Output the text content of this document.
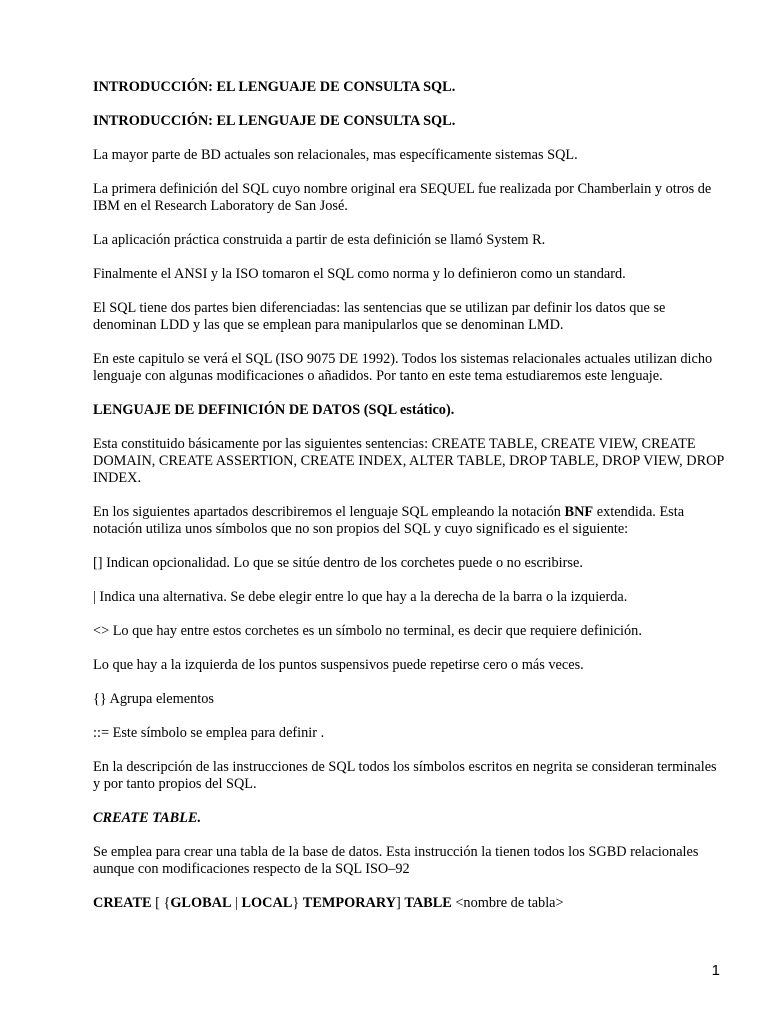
INTRODUCCIÓN: EL LENGUAJE DE CONSULTA SQL.

INTRODUCCIÓN: EL LENGUAJE DE CONSULTA SQL.

La mayor parte de BD actuales son relacionales, mas específicamente sistemas SQL.

La primera definición del SQL cuyo nombre original era SEQUEL fue realizada por Chamberlain y otros de IBM en el Research Laboratory de San José.

La aplicación práctica construida a partir de esta definición se llamó System R.

Finalmente el ANSI y la ISO tomaron el SQL como norma y lo definieron como un standard.

El SQL tiene dos partes bien diferenciadas: las sentencias que se utilizan par definir los datos que se denominan LDD y las que se emplean para manipularlos que se denominan LMD.

En este capitulo se verá el SQL (ISO 9075 DE 1992). Todos los sistemas relacionales actuales utilizan dicho lenguaje con algunas modificaciones o añadidos. Por tanto en este tema estudiaremos este lenguaje.

LENGUAJE DE DEFINICIÓN DE DATOS (SQL estático).

Esta constituido básicamente por las siguientes sentencias: CREATE TABLE, CREATE VIEW, CREATE DOMAIN, CREATE ASSERTION, CREATE INDEX, ALTER TABLE, DROP TABLE, DROP VIEW, DROP INDEX.

En los siguientes apartados describiremos el lenguaje SQL empleando la notación BNF extendida. Esta notación utiliza unos símbolos que no son propios del SQL y cuyo significado es el siguiente:

[] Indican opcionalidad. Lo que se sitúe dentro de los corchetes puede o no escribirse.

| Indica una alternativa. Se debe elegir entre lo que hay a la derecha de la barra o la izquierda.

<> Lo que hay entre estos corchetes es un símbolo no terminal, es decir que requiere definición.

Lo que hay a la izquierda de los puntos suspensivos puede repetirse cero o más veces.

{} Agrupa elementos

::= Este símbolo se emplea para definir .

En la descripción de las instrucciones de SQL todos los símbolos escritos en negrita se consideran terminales y por tanto propios del SQL.

CREATE TABLE.

Se emplea para crear una tabla de la base de datos. Esta instrucción la tienen todos los SGBD relacionales aunque con modificaciones respecto de la SQL ISO–92

CREATE [ {GLOBAL | LOCAL} TEMPORARY] TABLE <nombre de tabla>

1
